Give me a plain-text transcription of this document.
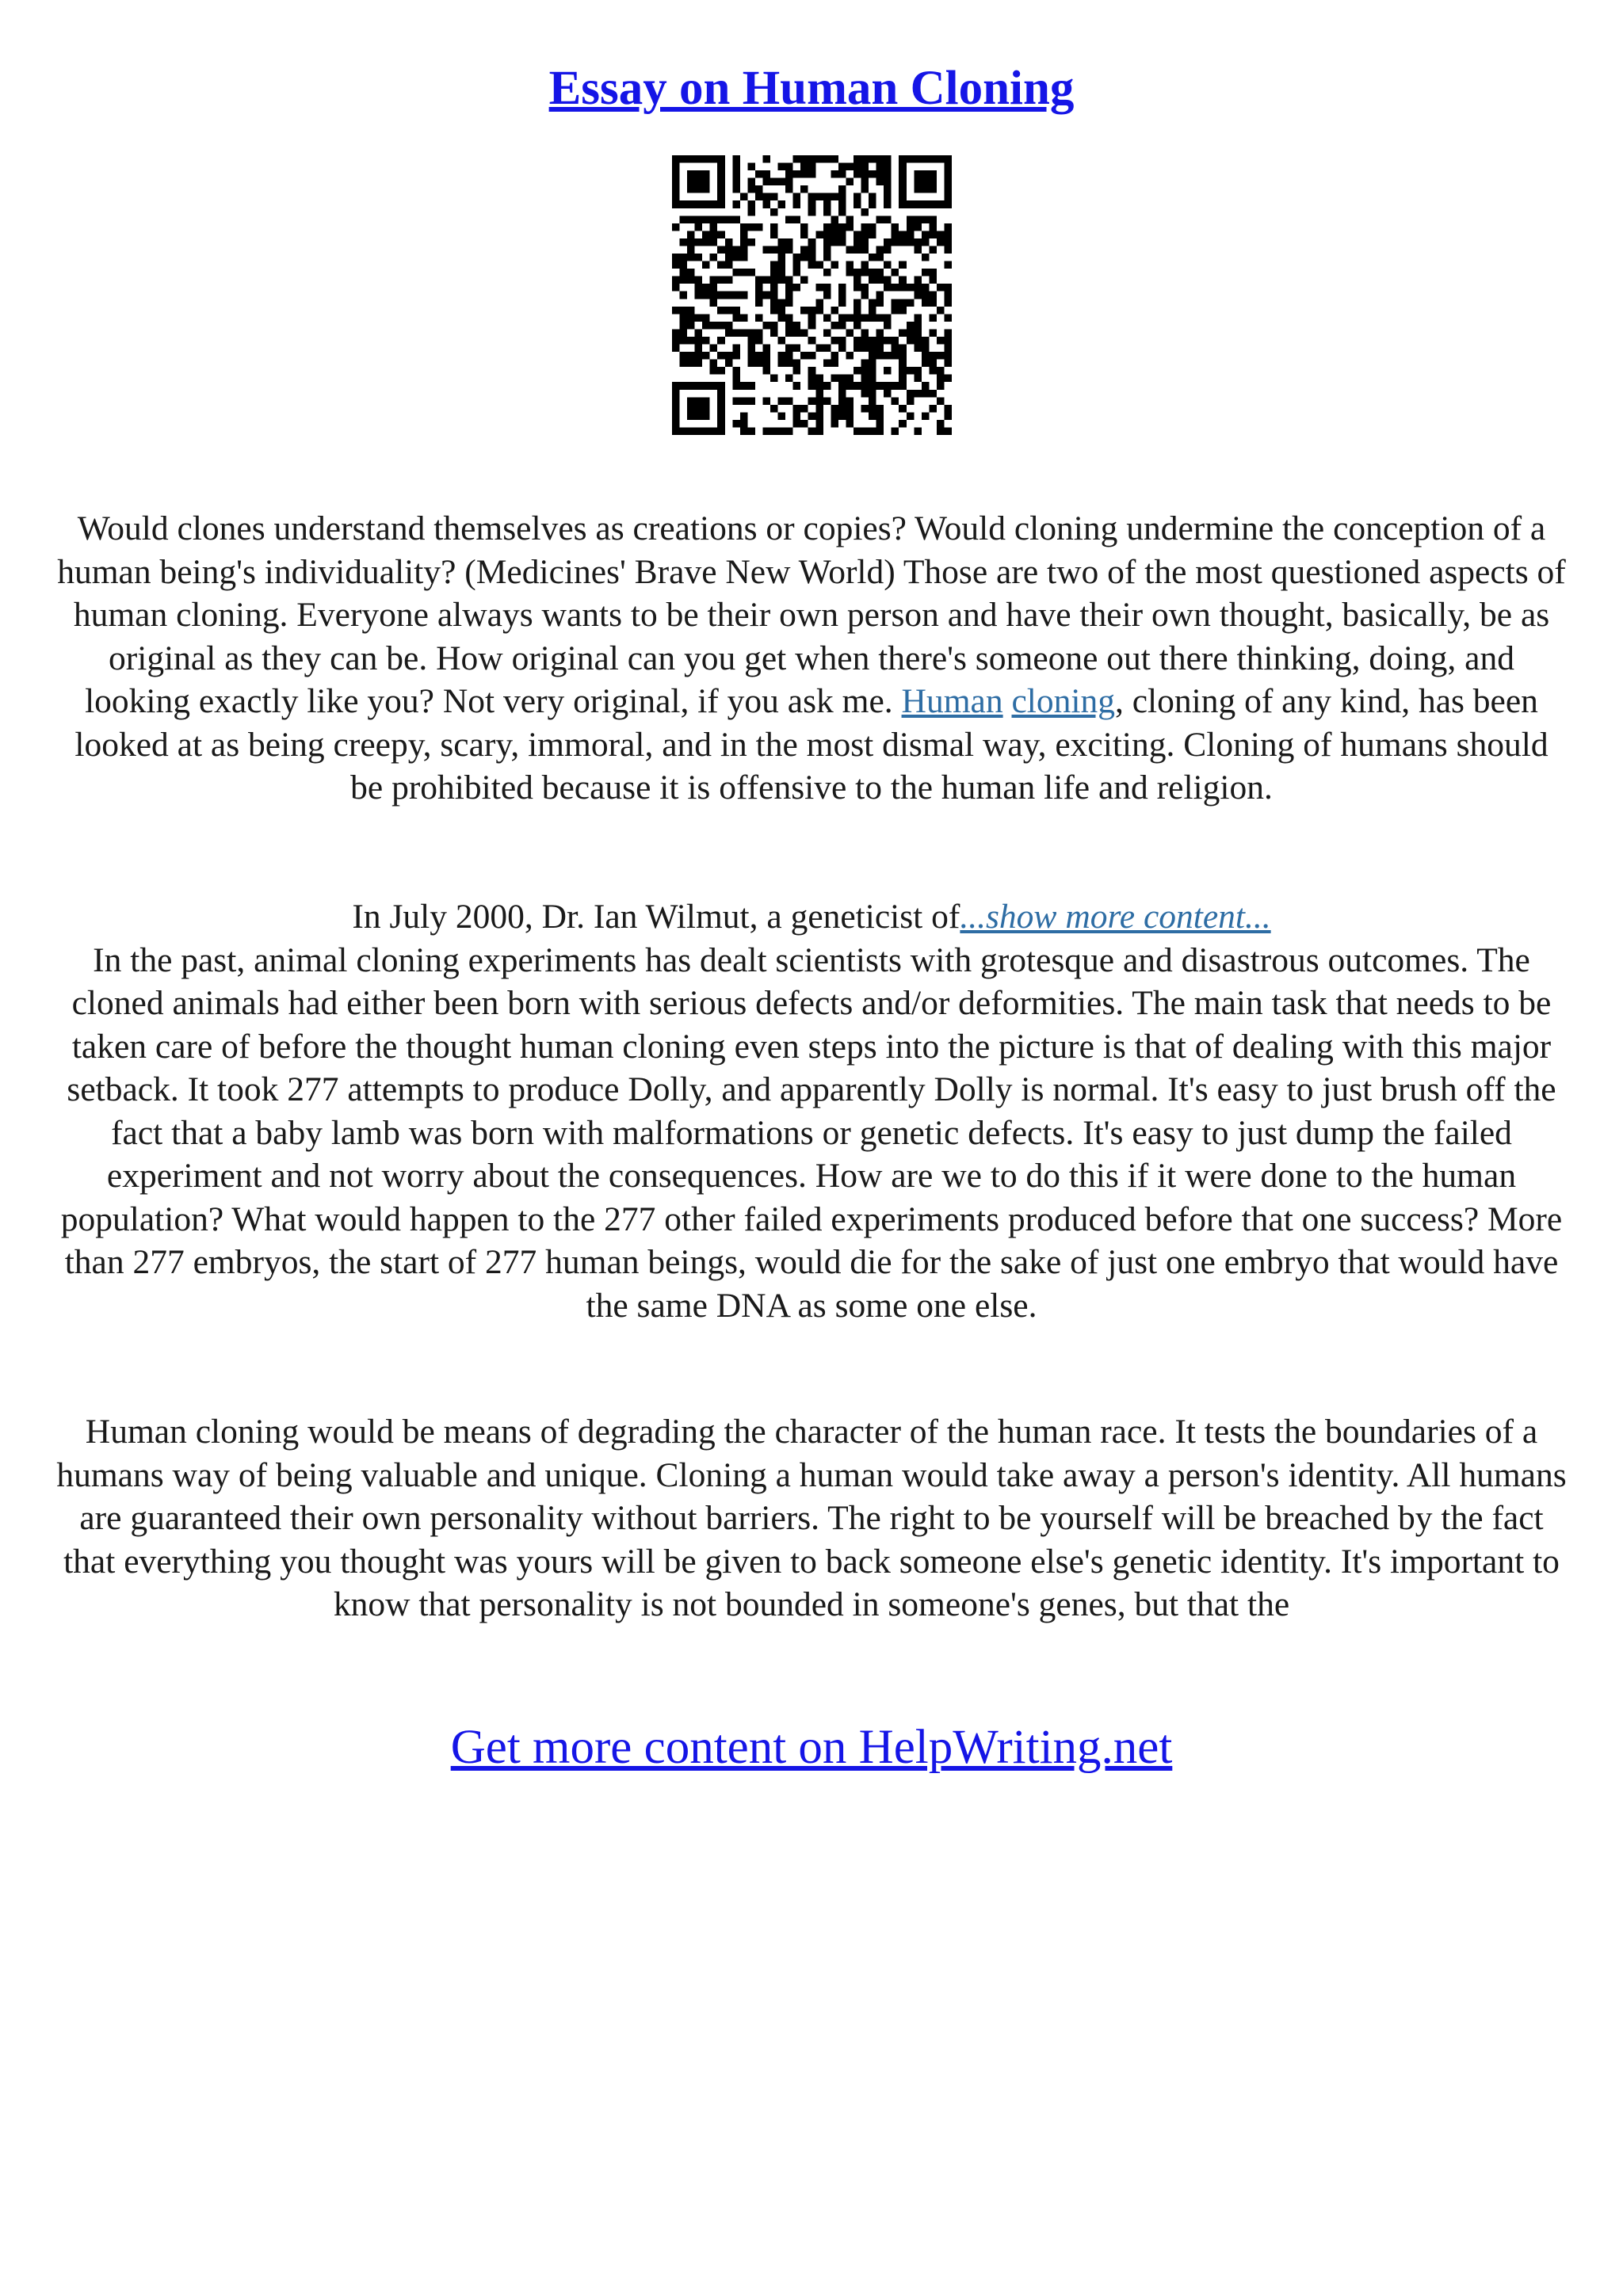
Essay on Human Cloning
Would clones understand themselves as creations or copies? Would cloning undermine the conception of a human being's individuality? (Medicines' Brave New World) Those are two of the most questioned aspects of human cloning. Everyone always wants to be their own person and have their own thought, basically, be as original as they can be. How original can you get when there's someone out there thinking, doing, and looking exactly like you? Not very original, if you ask me. Human cloning, cloning of any kind, has been looked at as being creepy, scary, immoral, and in the most dismal way, exciting. Cloning of humans should be prohibited because it is offensive to the human life and religion.
In July 2000, Dr. Ian Wilmut, a geneticist of...show more content...
In the past, animal cloning experiments has dealt scientists with grotesque and disastrous outcomes. The cloned animals had either been born with serious defects and/or deformities. The main task that needs to be taken care of before the thought human cloning even steps into the picture is that of dealing with this major setback. It took 277 attempts to produce Dolly, and apparently Dolly is normal. It's easy to just brush off the fact that a baby lamb was born with malformations or genetic defects. It's easy to just dump the failed experiment and not worry about the consequences. How are we to do this if it were done to the human population? What would happen to the 277 other failed experiments produced before that one success? More than 277 embryos, the start of 277 human beings, would die for the sake of just one embryo that would have the same DNA as some one else.
Human cloning would be means of degrading the character of the human race. It tests the boundaries of a humans way of being valuable and unique. Cloning a human would take away a person's identity. All humans are guaranteed their own personality without barriers. The right to be yourself will be breached by the fact that everything you thought was yours will be given to back someone else's genetic identity. It's important to know that personality is not bounded in someone's genes, but that the
Get more content on HelpWriting.net
